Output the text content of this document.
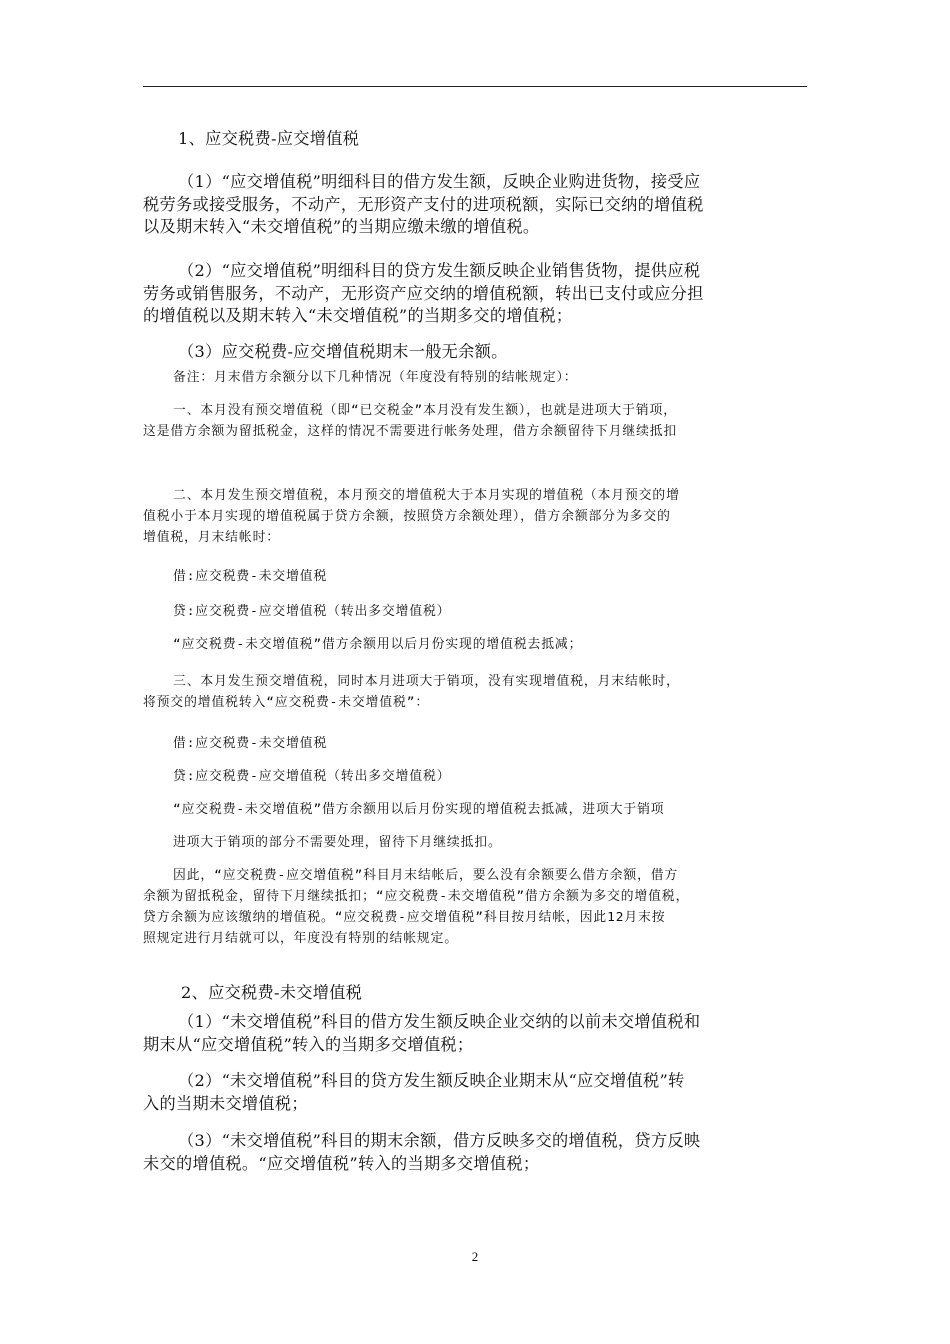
1、应交税费-应交增值税
（1）“应交增值税”明细科目的借方发生额，反映企业购进货物，接受应
税劳务或接受服务，不动产，无形资产支付的进项税额，实际已交纳的增值税
以及期末转入“未交增值税”的当期应缴未缴的增值税。
（2）“应交增值税”明细科目的贷方发生额反映企业销售货物，提供应税
劳务或销售服务，不动产，无形资产应交纳的增值税额，转出已支付或应分担
的增值税以及期末转入“未交增值税”的当期多交的增值税；
（3）应交税费-应交增值税期末一般无余额。
备注：月末借方余额分以下几种情况（年度没有特别的结帐规定）：
一、本月没有预交增值税（即“已交税金”本月没有发生额），也就是进项大于销项，
这是借方余额为留抵税金，这样的情况不需要进行帐务处理，借方余额留待下月继续抵扣
二、本月发生预交增值税，本月预交的增值税大于本月实现的增值税（本月预交的增
值税小于本月实现的增值税属于贷方余额，按照贷方余额处理），借方余额部分为多交的
增值税，月末结帐时：
借:应交税费-未交增值税
贷:应交税费-应交增值税（转出多交增值税）
“应交税费-未交增值税”借方余额用以后月份实现的增值税去抵减；
三、本月发生预交增值税，同时本月进项大于销项，没有实现增值税，月末结帐时，
将预交的增值税转入“应交税费-未交增值税”：
借:应交税费-未交增值税
贷:应交税费-应交增值税（转出多交增值税）
“应交税费-未交增值税”借方余额用以后月份实现的增值税去抵减，进项大于销项
进项大于销项的部分不需要处理，留待下月继续抵扣。
因此，“应交税费-应交增值税”科目月末结帐后，要么没有余额要么借方余额，借方
余额为留抵税金，留待下月继续抵扣；“应交税费-未交增值税”借方余额为多交的增值税，
贷方余额为应该缴纳的增值税。“应交税费-应交增值税”科目按月结帐，因此12月末按
照规定进行月结就可以，年度没有特别的结帐规定。
2、应交税费-未交增值税
（1）“未交增值税”科目的借方发生额反映企业交纳的以前未交增值税和
期末从“应交增值税”转入的当期多交增值税；
（2）“未交增值税”科目的贷方发生额反映企业期末从“应交增值税”转
入的当期未交增值税；
（3）“未交增值税”科目的期末余额，借方反映多交的增值税，贷方反映
未交的增值税。“应交增值税”转入的当期多交增值税；
2
